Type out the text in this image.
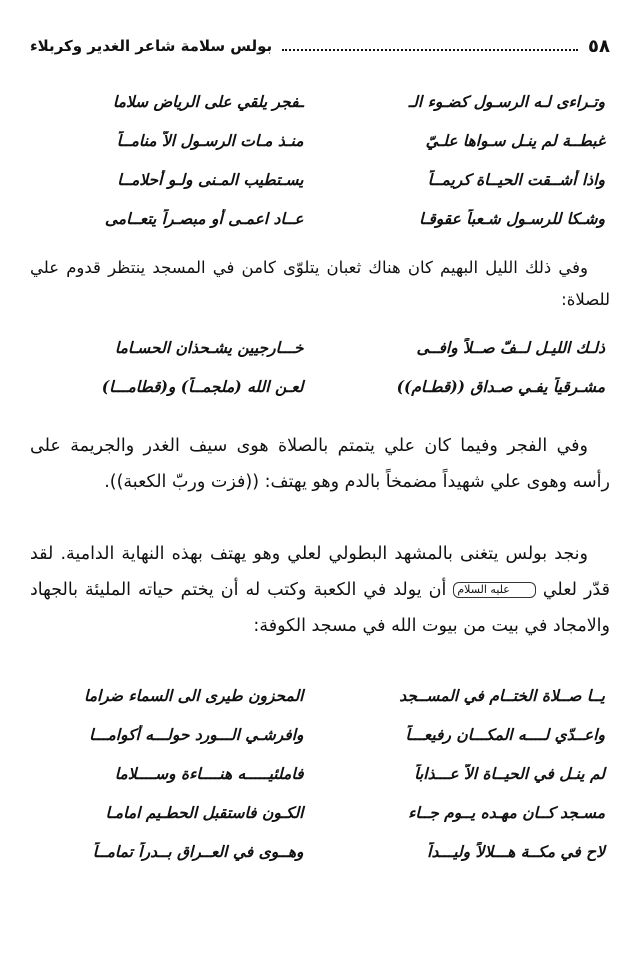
٥٨
بولس سلامة شاعر الغدير وكربلاء
وتـراءى لـه الرسـول كضـوء الـ
ـفجر يلقي على الرياض سلاما
غبطــة لم ينـل سـواها علـيّ
منـذ مـات الرسـول الاّ منامــاً
واذا أشــقت الحيــاة كريمــاً
يسـتطيب المـنى ولـو أحلامــا
وشـكا للرسـول شـعباً عقوقـا
عــاد اعمـى أو مبصـراً يتعــامى

وفي ذلك الليل البهيم كان هناك ثعبان يتلوّى كامن في المسجد ينتظر قدوم علي للصلاة:

ذلـك الليـل لــفّ صــلاً وافــى
خـــارجيين يشـحذان الحسـاما
مشـرقياً يفـي صـداق ((قطـام))
لعـن الله (ملجمــاً) و(قطامـــا)

وفي الفجر وفيما كان علي يتمتم بالصلاة هوى سيف الغدر والجريمة على رأسه وهوى علي شهيداً مضمخاً بالدم وهو يهتف: ((فزت وربّ الكعبة)).

ونجد بولس يتغنى بالمشهد البطولي لعلي وهو يهتف بهذه النهاية الدامية. لقد قدّر لعلي عليه السلام أن يولد في الكعبة وكتب له أن يختم حياته المليئة بالجهاد والامجاد في بيت من بيوت الله في مسجد الكوفة:

يــا صــلاة الختــام في المســجد
المحزون طيرى الى السماء ضراما
واعــدّي لــــه المكـــان رفيعـــاً
وافرشـي الـــورد حولـــه أكوامـــا
لم ينـل في الحيــاة الاّ عـــذاباً
فاملئيـــــه هنــــاءة وســــلاما
مسـجد كــان مهـده يــوم جــاء
الكـون فاستقبل الحطـيم امامـا
لاح في مكــة هـــلالاً وليـــداً
وهــوى في العــراق بــدراً تمامــاً
